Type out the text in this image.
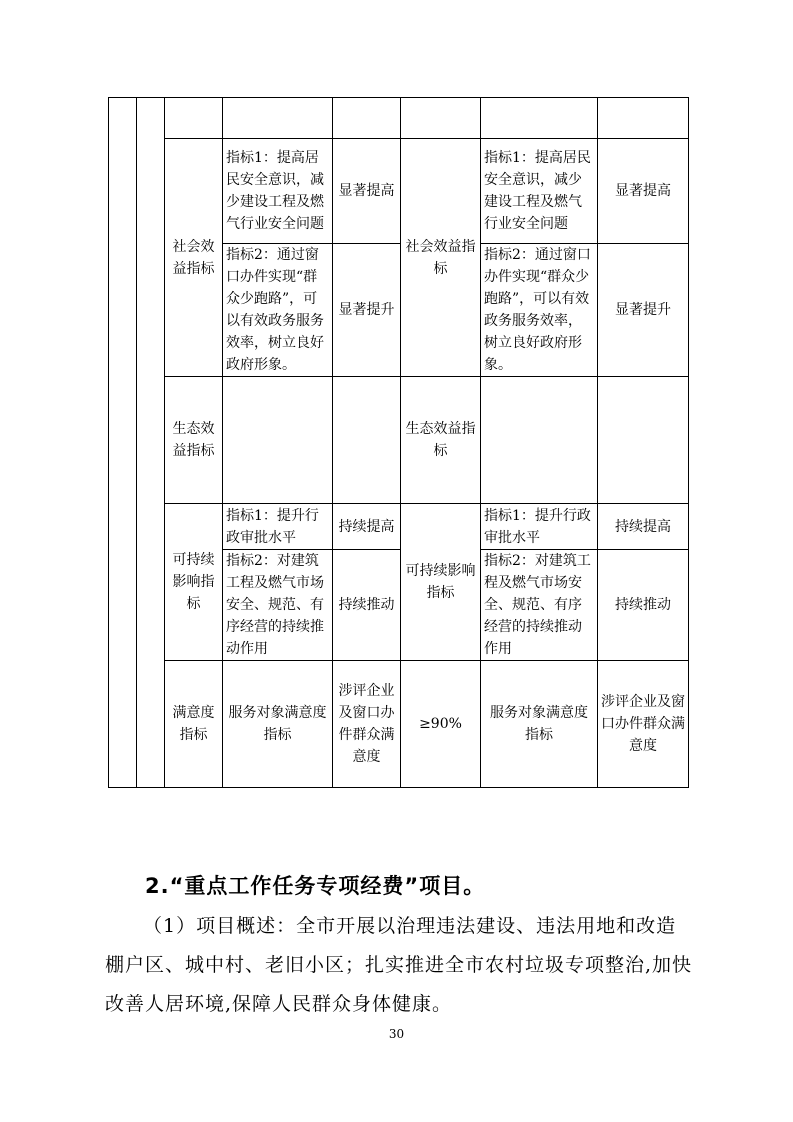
		社会效益指标	指标1：提高居民安全意识，减少建设工程及燃气行业安全问题	显著提高	社会效益指标	指标1：提高居民安全意识，减少建设工程及燃气行业安全问题	显著提高	
			指标2：通过窗口办件实现“群众少跑路”，可以有效政务服务效率，树立良好政府形象。	显著提升		指标2：通过窗口办件实现“群众少跑路”，可以有效政务服务效率，树立良好政府形象。	显著提升	
		生态效益指标			生态效益指标			
		可持续影响指标	指标1：提升行政审批水平	持续提高	可持续影响指标	指标1：提升行政审批水平	持续提高	
			指标2：对建筑工程及燃气市场安全、规范、有序经营的持续推动作用	持续推动		指标2：对建筑工程及燃气市场安全、规范、有序经营的持续推动作用	持续推动	
		满意度指标	服务对象满意度指标	涉评企业及窗口办件群众满意度	≥90%	服务对象满意度指标	涉评企业及窗口办件群众满意度	
2.“重点工作任务专项经费”项目。
（1）项目概述：全市开展以治理违法建设、违法用地和改造棚户区、城中村、老旧小区；扎实推进全市农村垃圾专项整治,加快改善人居环境,保障人民群众身体健康。
30
